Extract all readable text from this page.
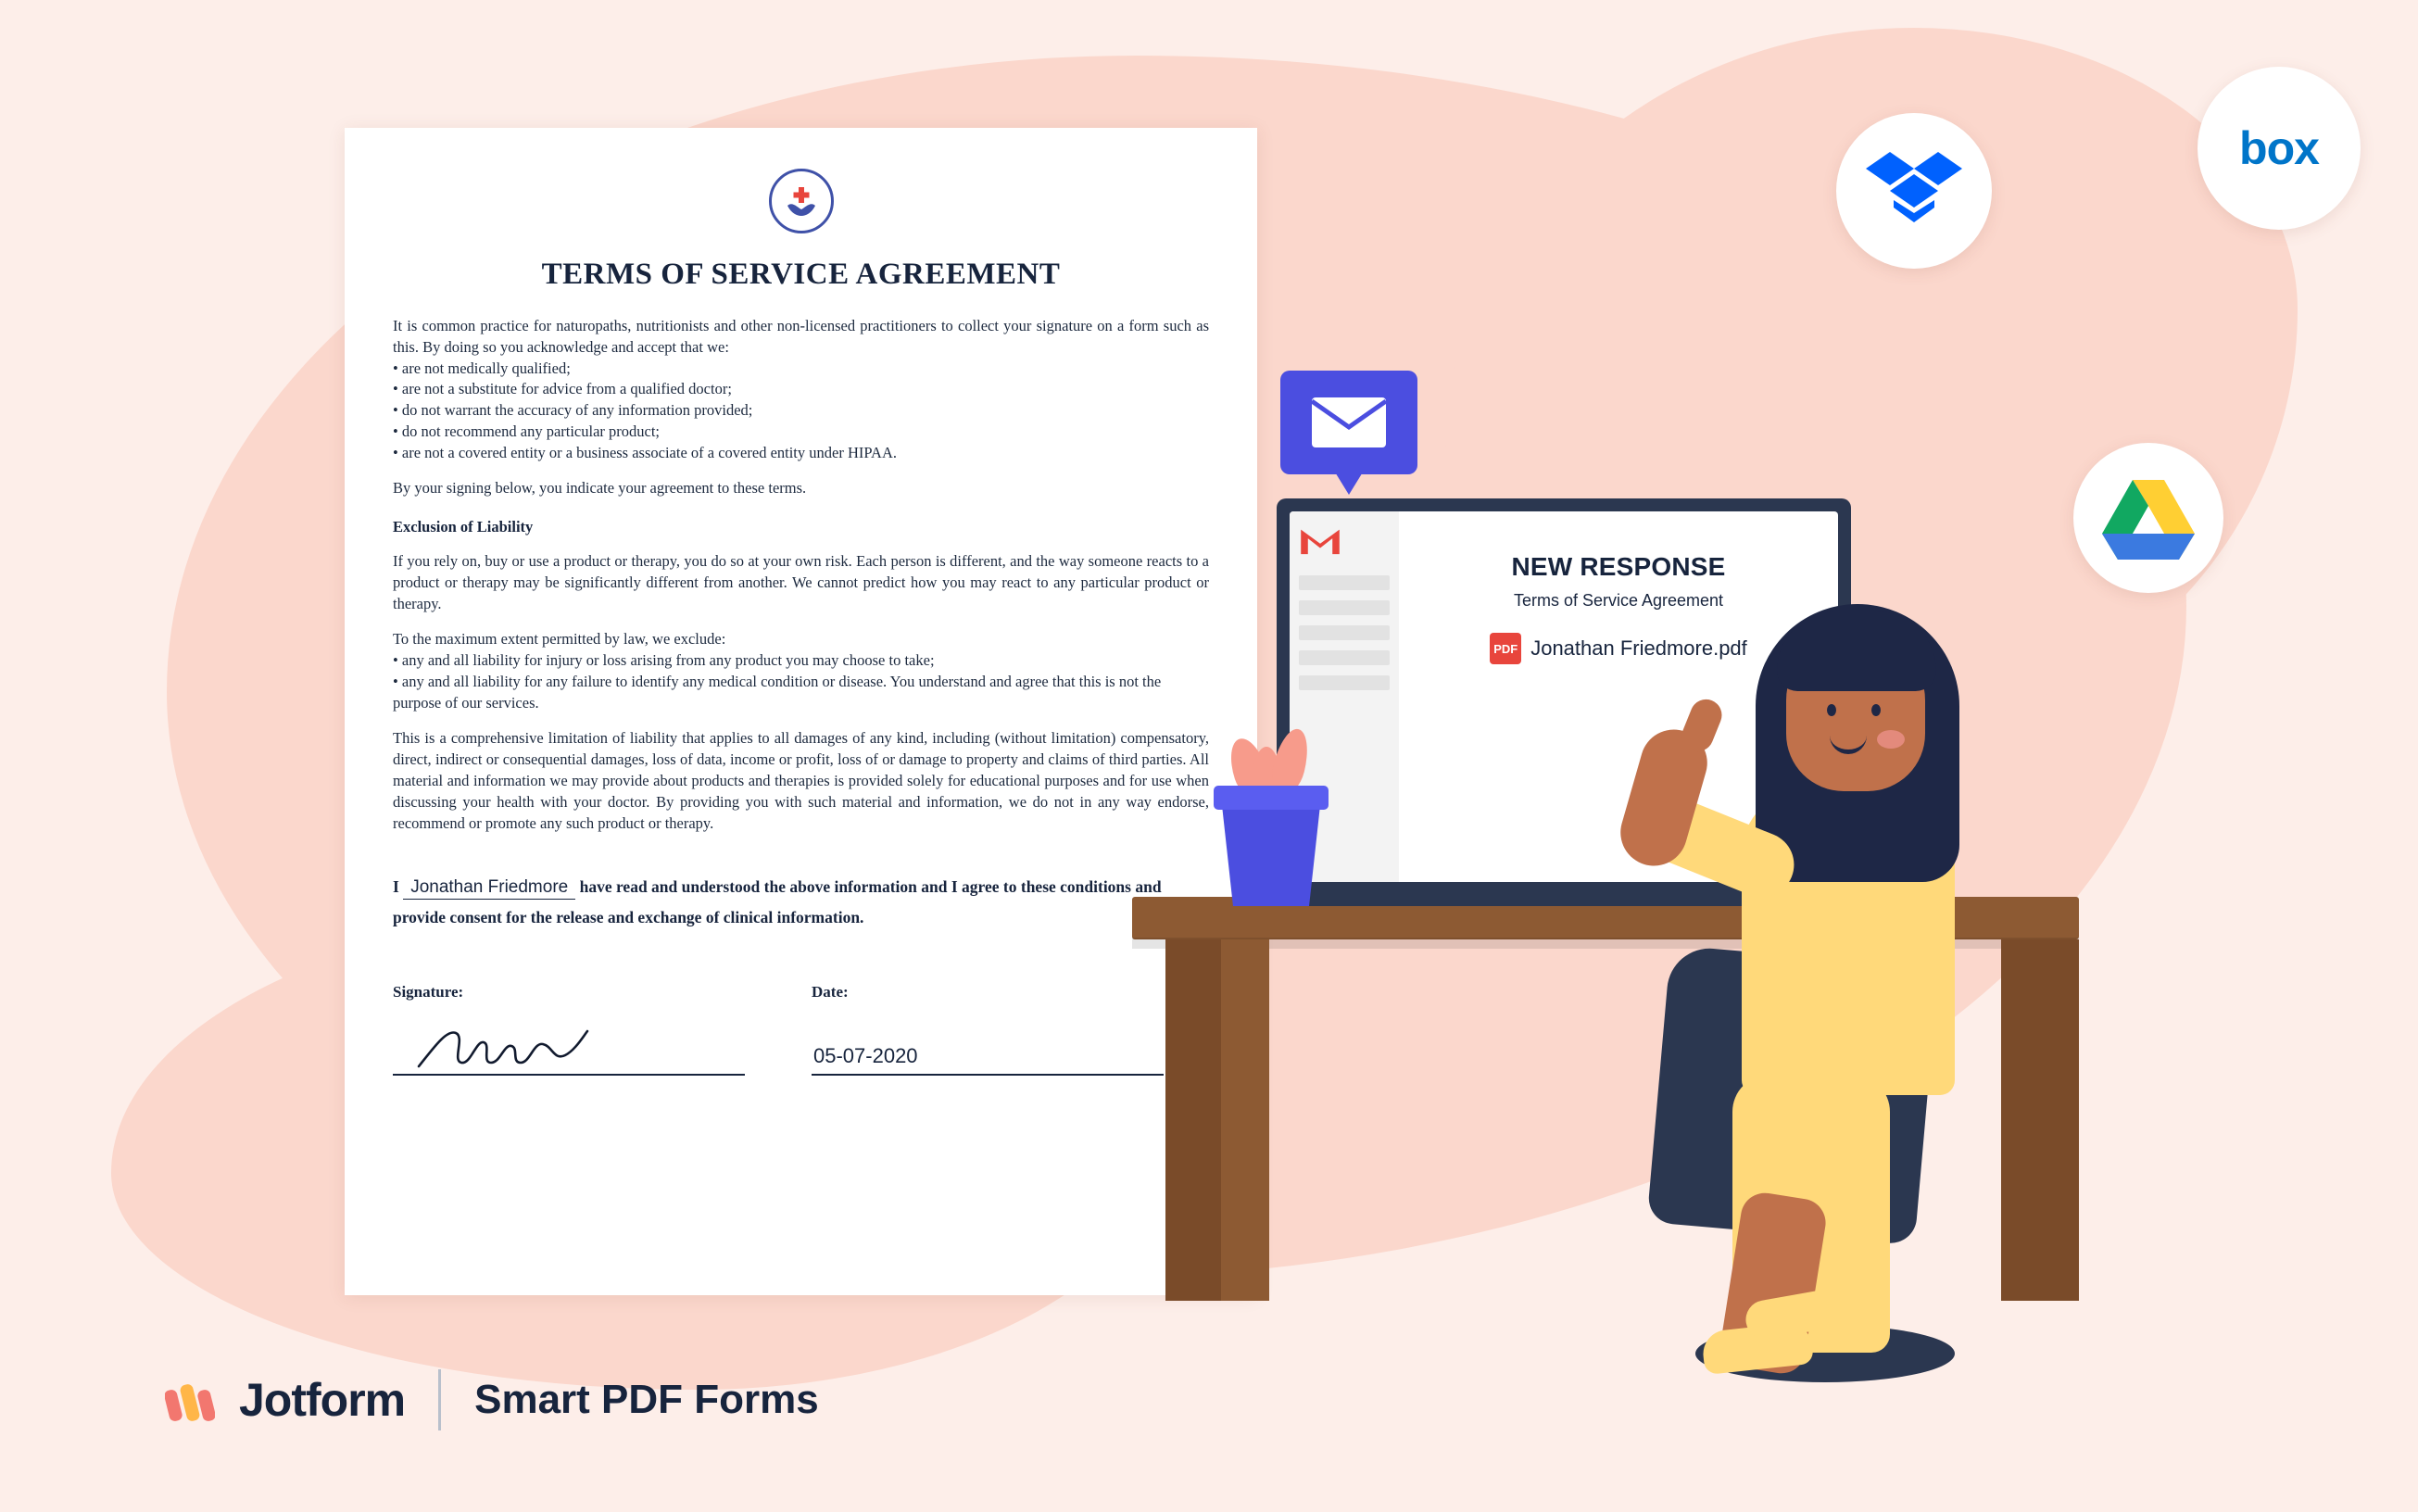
TERMS OF SERVICE AGREEMENT
It is common practice for naturopaths, nutritionists and other non-licensed practitioners to collect your signature on a form such as this. By doing so you acknowledge and accept that we:
• are not medically qualified;
• are not a substitute for advice from a qualified doctor;
• do not warrant the accuracy of any information provided;
• do not recommend any particular product;
• are not a covered entity or a business associate of a covered entity under HIPAA.
By your signing below, you indicate your agreement to these terms.
Exclusion of Liability
If you rely on, buy or use a product or therapy, you do so at your own risk. Each person is different, and the way someone reacts to a product or therapy may be significantly different from another. We cannot predict how you may react to any particular product or therapy.
To the maximum extent permitted by law, we exclude:
• any and all liability for injury or loss arising from any product you may choose to take;
• any and all liability for any failure to identify any medical condition or disease. You understand and agree that this is not the purpose of our services.
This is a comprehensive limitation of liability that applies to all damages of any kind, including (without limitation) compensatory, direct, indirect or consequential damages, loss of data, income or profit, loss of or damage to property and claims of third parties. All material and information we may provide about products and therapies is provided solely for educational purposes and for use when discussing your health with your doctor. By providing you with such material and information, we do not in any way endorse, recommend or promote any such product or therapy.
I Jonathan Friedmore have read and understood the above information and I agree to these conditions and provide consent for the release and exchange of clinical information.
Signature:	Date:
05-07-2020
NEW RESPONSE
Terms of Service Agreement
PDF Jonathan Friedmore.pdf
box
Jotform Smart PDF Forms
